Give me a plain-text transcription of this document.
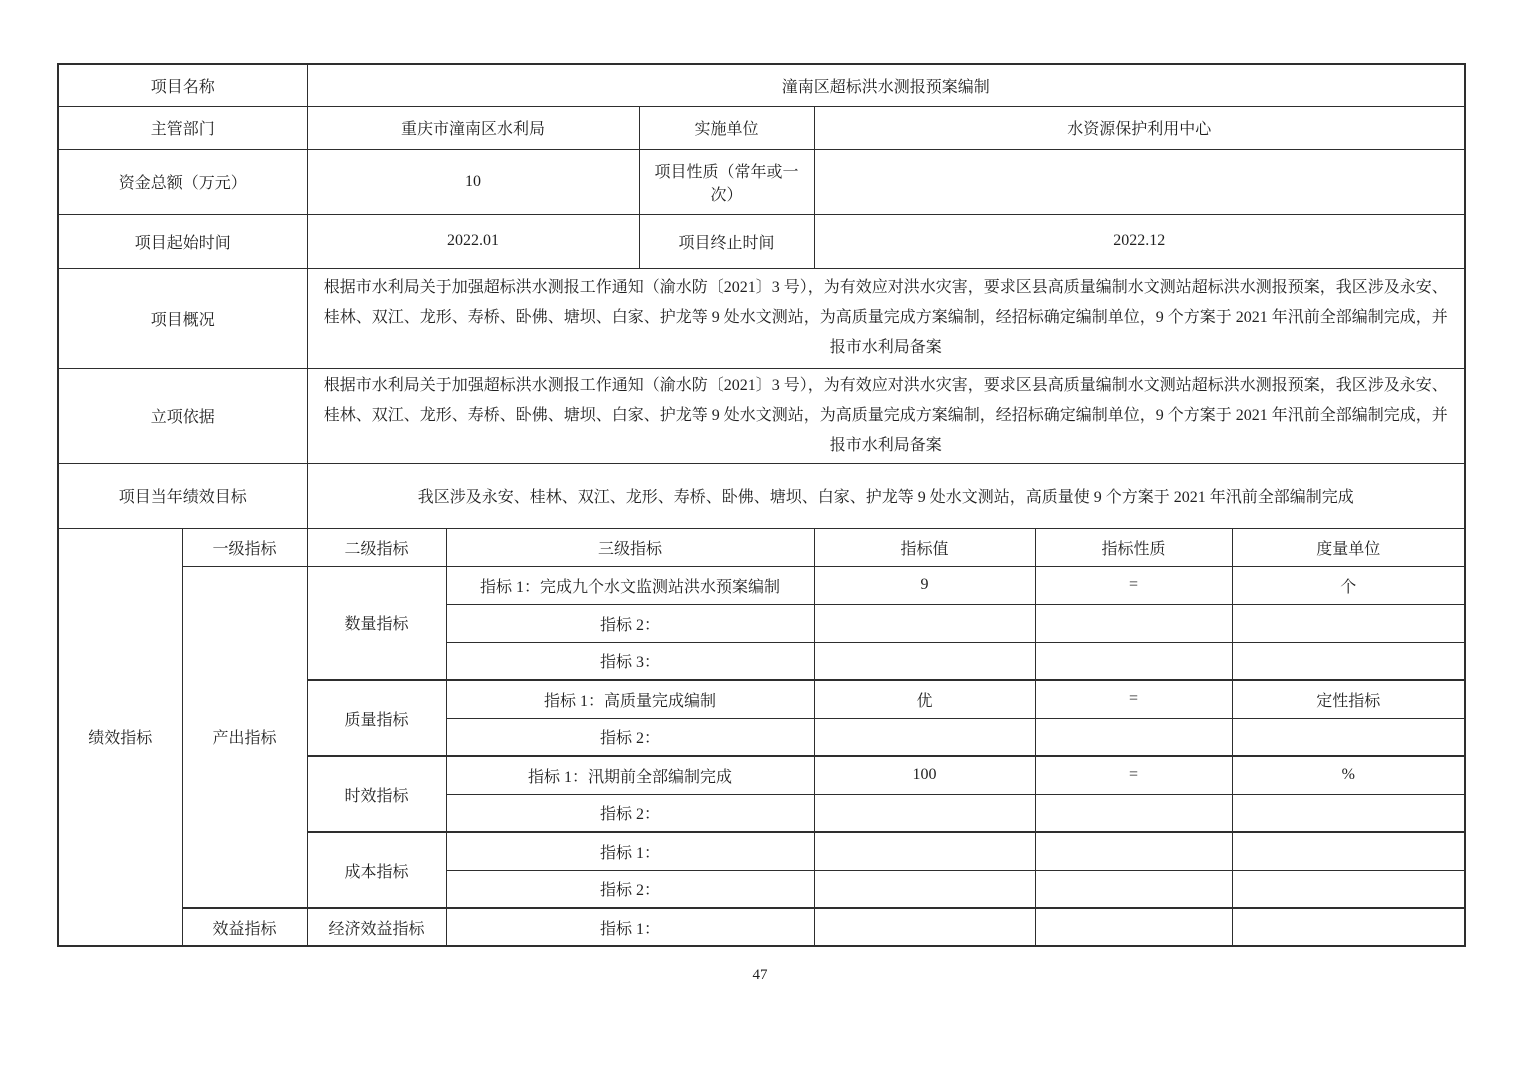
项目名称		潼南区超标洪水测报预案编制					
主管部门		重庆市潼南区水利局		实施单位	水资源保护利用中心		
资金总额（万元）		10		项目性质（常年或一次）			
项目起始时间		2022.01		项目终止时间	2022.12		
项目概况		根据市水利局关于加强超标洪水测报工作通知（渝水防〔2021〕3 号），为有效应对洪水灾害，要求区县高质量编制水文测站超标洪水测报预案，我区涉及永安、桂林、双江、龙形、寿桥、卧佛、塘坝、白家、护龙等 9 处水文测站，为高质量完成方案编制，经招标确定编制单位，9 个方案于 2021 年汛前全部编制完成，并报市水利局备案					
立项依据		根据市水利局关于加强超标洪水测报工作通知（渝水防〔2021〕3 号），为有效应对洪水灾害，要求区县高质量编制水文测站超标洪水测报预案，我区涉及永安、桂林、双江、龙形、寿桥、卧佛、塘坝、白家、护龙等 9 处水文测站，为高质量完成方案编制，经招标确定编制单位，9 个方案于 2021 年汛前全部编制完成，并报市水利局备案					
项目当年绩效目标		我区涉及永安、桂林、双江、龙形、寿桥、卧佛、塘坝、白家、护龙等 9 处水文测站，高质量使 9 个方案于 2021 年汛前全部编制完成					
绩效指标	一级指标	二级指标	三级指标		指标值	指标性质	度量单位
	产出指标	数量指标	指标 1：完成九个水文监测站洪水预案编制		9	=	个
			指标 2：				
			指标 3：				
		质量指标	指标 1：高质量完成编制		优	=	定性指标
			指标 2：				
		时效指标	指标 1：汛期前全部编制完成		100	=	%
			指标 2：				
		成本指标	指标 1：				
			指标 2：				
	效益指标	经济效益指标	指标 1：				
47
